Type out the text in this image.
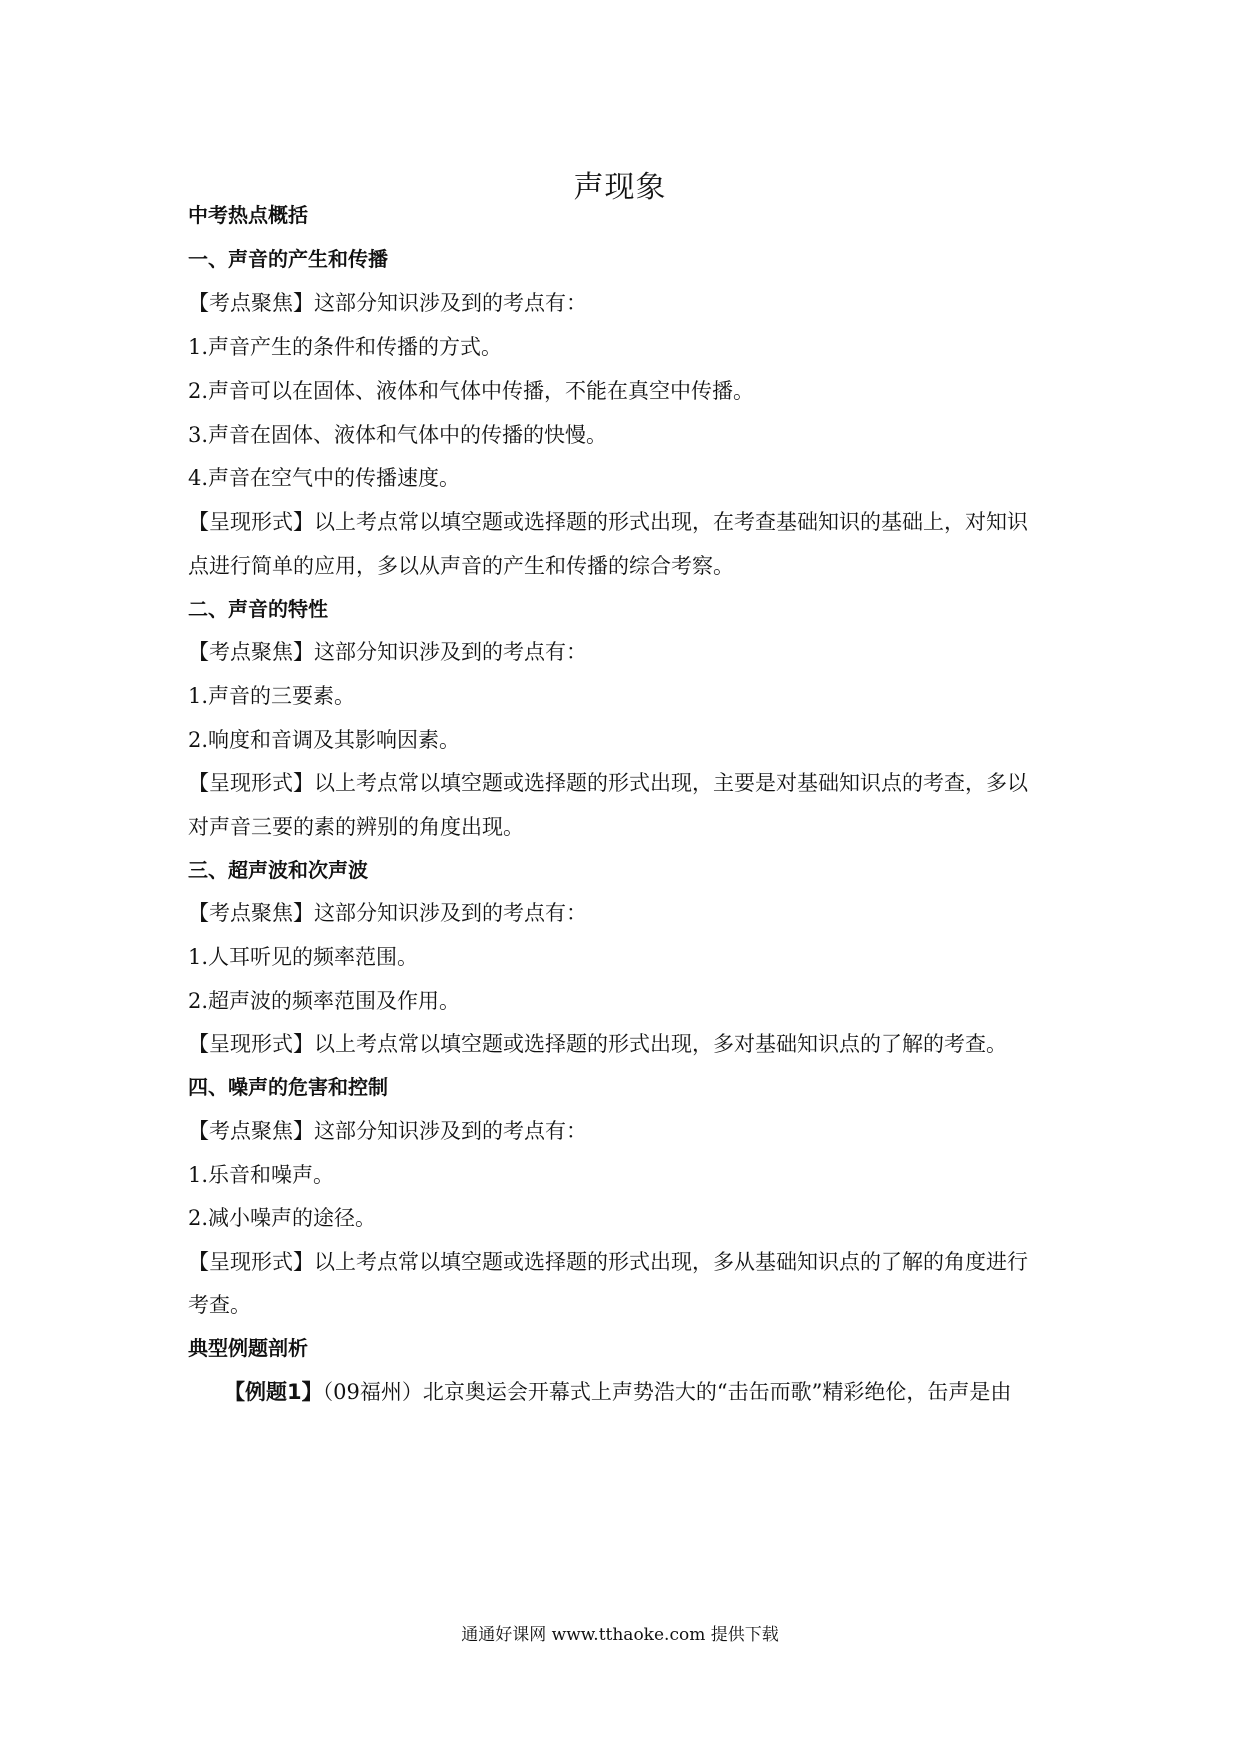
声现象
中考热点概括
一、声音的产生和传播
【考点聚焦】这部分知识涉及到的考点有：
1.声音产生的条件和传播的方式。
2.声音可以在固体、液体和气体中传播，不能在真空中传播。
3.声音在固体、液体和气体中的传播的快慢。
4.声音在空气中的传播速度。
【呈现形式】以上考点常以填空题或选择题的形式出现，在考查基础知识的基础上，对知识
点进行简单的应用，多以从声音的产生和传播的综合考察。
二、声音的特性
【考点聚焦】这部分知识涉及到的考点有：
1.声音的三要素。
2.响度和音调及其影响因素。
【呈现形式】以上考点常以填空题或选择题的形式出现，主要是对基础知识点的考查，多以
对声音三要的素的辨别的角度出现。
三、超声波和次声波
【考点聚焦】这部分知识涉及到的考点有：
1.人耳听见的频率范围。
2.超声波的频率范围及作用。
【呈现形式】以上考点常以填空题或选择题的形式出现，多对基础知识点的了解的考查。
四、噪声的危害和控制
【考点聚焦】这部分知识涉及到的考点有：
1.乐音和噪声。
2.减小噪声的途径。
【呈现形式】以上考点常以填空题或选择题的形式出现，多从基础知识点的了解的角度进行
考查。
典型例题剖析
【例题1】（09福州）北京奥运会开幕式上声势浩大的“击缶而歌”精彩绝伦，缶声是由
通通好课网 www.tthaoke.com 提供下载
